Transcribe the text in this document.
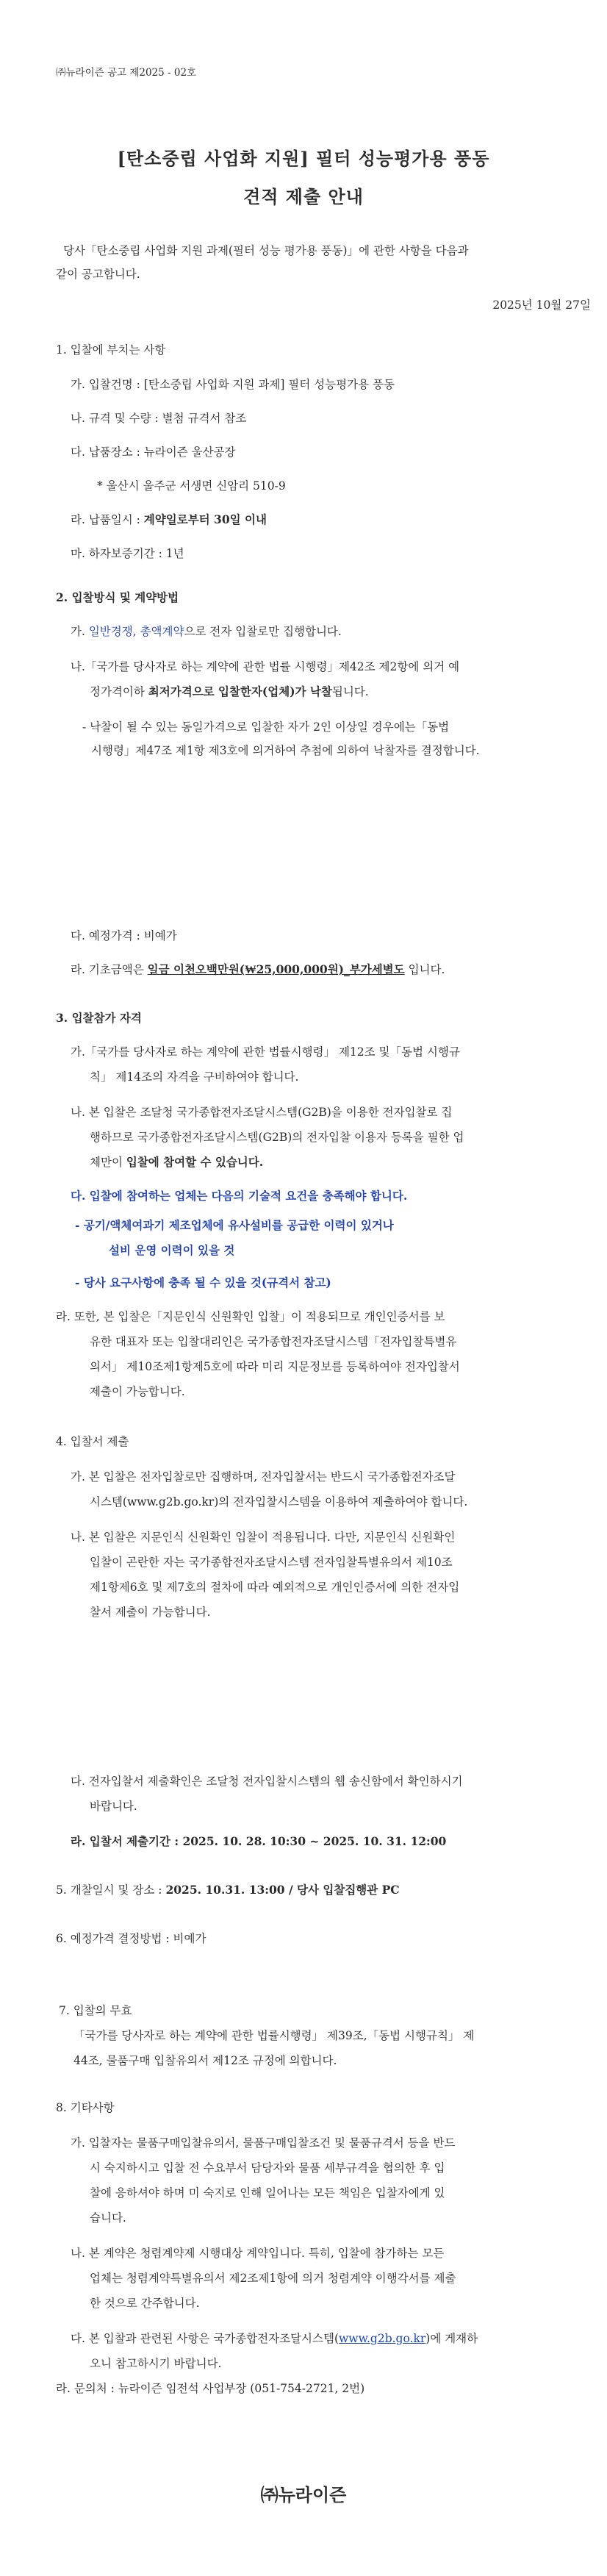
㈜뉴라이즌 공고 제2025 - 02호
[탄소중립 사업화 지원] 필터 성능평가용 풍동
견적 제출 안내
당사「탄소중립 사업화 지원 과제(필터 성능 평가용 풍동)」에 관한 사항을 다음과
같이 공고합니다.
2025년 10월 27일
1. 입찰에 부치는 사항
가. 입찰건명 : [탄소중립 사업화 지원 과제] 필터 성능평가용 풍동
나. 규격 및 수량 : 별첨 규격서 참조
다. 납품장소 : 뉴라이즌 울산공장
* 울산시 울주군 서생면 신암리 510-9
라. 납품일시 : 계약일로부터 30일 이내
마. 하자보증기간 : 1년
2. 입찰방식 및 계약방법
가. 일반경쟁, 총액계약으로 전자 입찰로만 집행합니다.
나.「국가를 당사자로 하는 계약에 관한 법률 시행령」제42조 제2항에 의거 예
정가격이하 최저가격으로 입찰한자(업체)가 낙찰됩니다.
- 낙찰이 될 수 있는 동일가격으로 입찰한 자가 2인 이상일 경우에는「동법
시행령」제47조 제1항 제3호에 의거하여 추첨에 의하여 낙찰자를 결정합니다.
다. 예정가격 : 비예가
라. 기초금액은 일금 이천오백만원(₩25,000,000원)_부가세별도 입니다.
3. 입찰참가 자격
가.「국가를 당사자로 하는 계약에 관한 법률시행령」 제12조 및「동법 시행규
칙」 제14조의 자격을 구비하여야 합니다.
나. 본 입찰은 조달청 국가종합전자조달시스템(G2B)을 이용한 전자입찰로 집
행하므로 국가종합전자조달시스템(G2B)의 전자입찰 이용자 등록을 필한 업
체만이 입찰에 참여할 수 있습니다.
다. 입찰에 참여하는 업체는 다음의 기술적 요건을 충족해야 합니다.
- 공기/액체여과기 제조업체에 유사설비를 공급한 이력이 있거나
설비 운영 이력이 있을 것
- 당사 요구사항에 충족 될 수 있을 것(규격서 참고)
라. 또한, 본 입찰은「지문인식 신원확인 입찰」이 적용되므로 개인인증서를 보
유한 대표자 또는 입찰대리인은 국가종합전자조달시스템「전자입찰특별유
의서」 제10조제1항제5호에 따라 미리 지문정보를 등록하여야 전자입찰서
제출이 가능합니다.
4. 입찰서 제출
가. 본 입찰은 전자입찰로만 집행하며, 전자입찰서는 반드시 국가종합전자조달
시스템(www.g2b.go.kr)의 전자입찰시스템을 이용하여 제출하여야 합니다.
나. 본 입찰은 지문인식 신원확인 입찰이 적용됩니다. 다만, 지문인식 신원확인
입찰이 곤란한 자는 국가종합전자조달시스템 전자입찰특별유의서 제10조
제1항제6호 및 제7호의 절차에 따라 예외적으로 개인인증서에 의한 전자입
찰서 제출이 가능합니다.
다. 전자입찰서 제출확인은 조달청 전자입찰시스템의 웹 송신함에서 확인하시기
바랍니다.
라. 입찰서 제출기간 : 2025. 10. 28. 10:30 ~ 2025. 10. 31. 12:00
5. 개찰일시 및 장소 : 2025. 10.31. 13:00 / 당사 입찰집행관 PC
6. 예정가격 결정방법 : 비예가
7. 입찰의 무효
「국가를 당사자로 하는 계약에 관한 법률시행령」 제39조,「동법 시행규칙」 제
44조, 물품구매 입찰유의서 제12조 규정에 의합니다.
8. 기타사항
가. 입찰자는 물품구매입찰유의서, 물품구매입찰조건 및 물품규격서 등을 반드
시 숙지하시고 입찰 전 수요부서 담당자와 물품 세부규격을 협의한 후 입
찰에 응하셔야 하며 미 숙지로 인해 일어나는 모든 책임은 입찰자에게 있
습니다.
나. 본 계약은 청렴계약제 시행대상 계약입니다. 특히, 입찰에 참가하는 모든
업체는 청렴계약특별유의서 제2조제1항에 의거 청렴계약 이행각서를 제출
한 것으로 간주합니다.
다. 본 입찰과 관련된 사항은 국가종합전자조달시스템(www.g2b.go.kr)에 게재하
오니 참고하시기 바랍니다.
라. 문의처 : 뉴라이즌 임전석 사업부장 (051-754-2721, 2번)
㈜뉴라이즌
